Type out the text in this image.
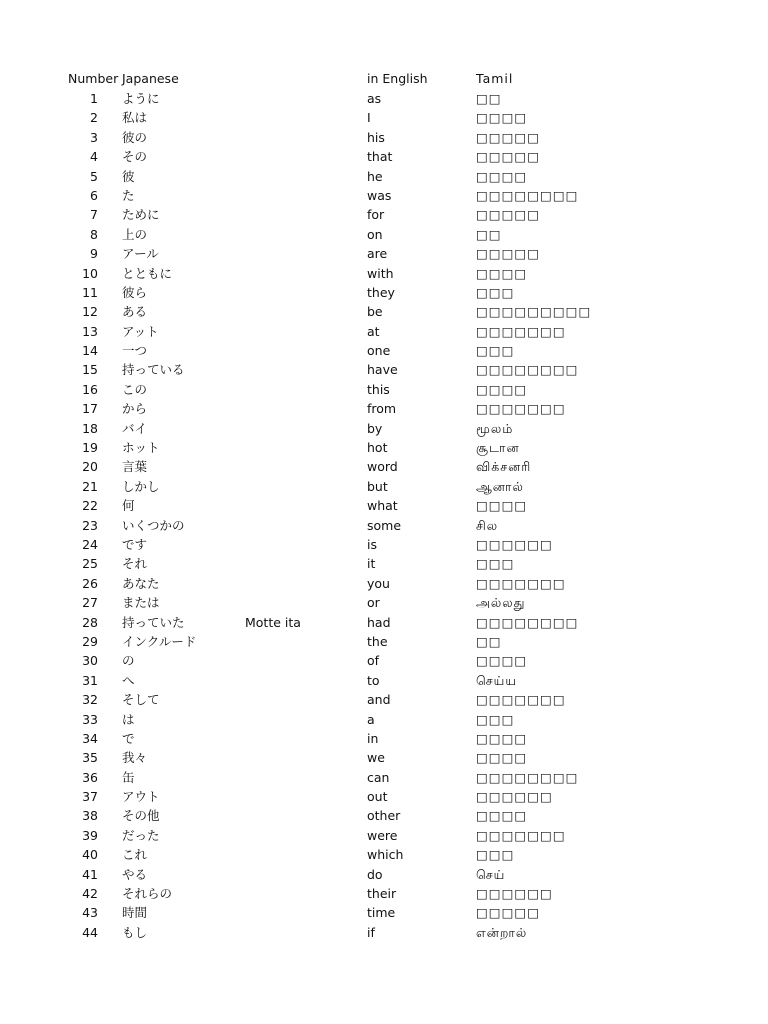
Number Japanese	in English	Tamil
1 ように	as	□□
2 私は	I	□□□□
3 彼の	his	□□□□□
4 その	that	□□□□□
5 彼	he	□□□□
6 た	was	□□□□□□□□
7 ために	for	□□□□□
8 上の	on	□□
9 アール	are	□□□□□
10 とともに	with	□□□□
11 彼ら	they	□□□
12 ある	be	□□□□□□□□□
13 アット	at	□□□□□□□
14 一つ	one	□□□
15 持っている	have	□□□□□□□□
16 この	this	□□□□
17 から	from	□□□□□□□
18 バイ	by	மூலம்
19 ホット	hot	சூடான
20 言葉	word	விக்சனரி
21 しかし	but	ஆனால்
22 何	what	□□□□
23 いくつかの	some	சில
24 です	is	□□□□□□
25 それ	it	□□□
26 あなた	you	□□□□□□□
27 または	or	அல்லது
28 持っていた	Motte ita	had	□□□□□□□□
29 インクルード	the	□□
30 の	of	□□□□
31 へ	to	செய்ய
32 そして	and	□□□□□□□
33 は	a	□□□
34 で	in	□□□□
35 我々	we	□□□□
36 缶	can	□□□□□□□□
37 アウト	out	□□□□□□
38 その他	other	□□□□
39 だった	were	□□□□□□□
40 これ	which	□□□
41 やる	do	செய்
42 それらの	their	□□□□□□
43 時間	time	□□□□□
44 もし	if	என்றால்
